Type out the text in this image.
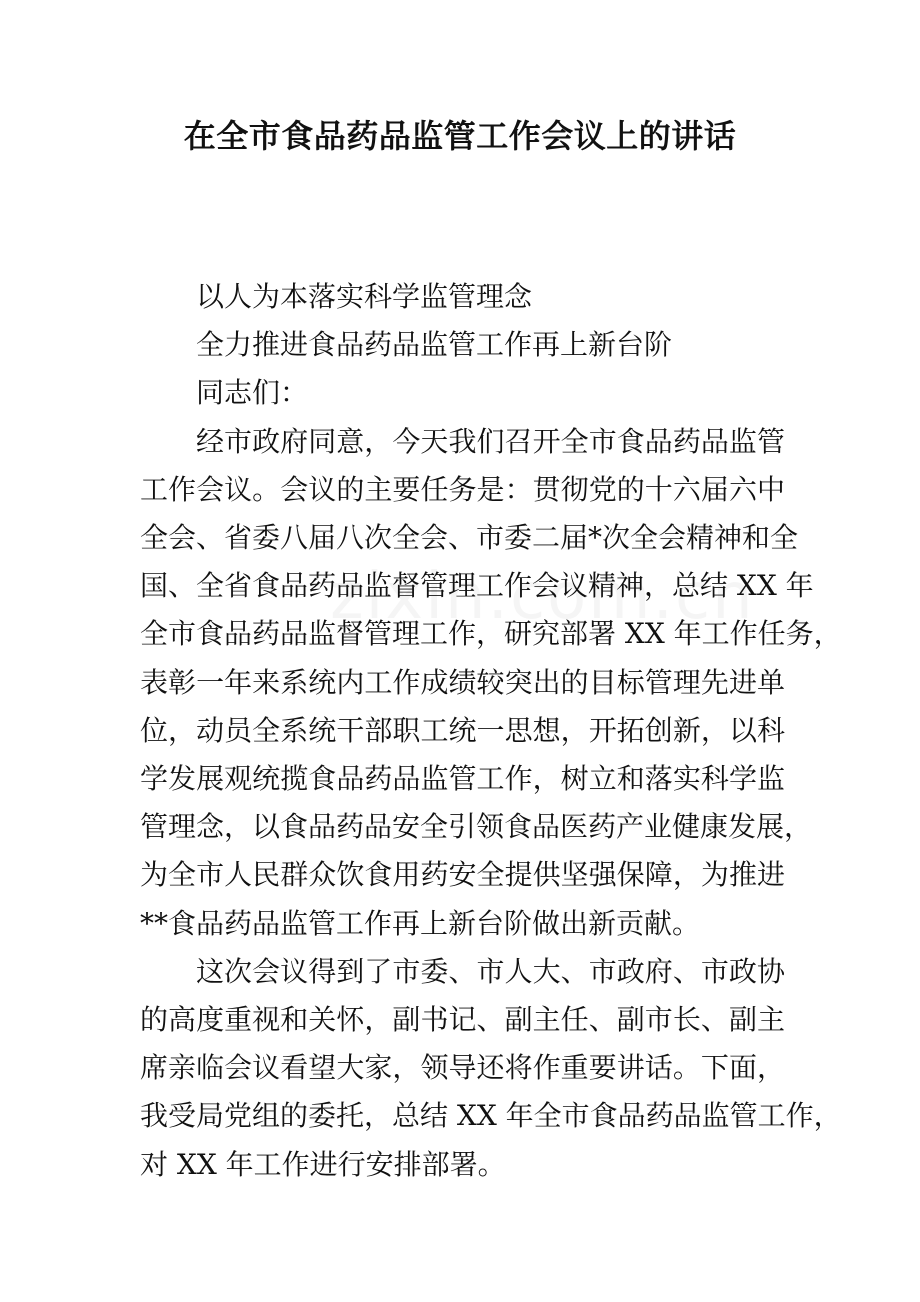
在全市食品药品监管工作会议上的讲话
以人为本落实科学监管理念
全力推进食品药品监管工作再上新台阶
同志们：
经市政府同意，今天我们召开全市食品药品监管
工作会议。会议的主要任务是：贯彻党的十六届六中
全会、省委八届八次全会、市委二届*次全会精神和全
国、全省食品药品监督管理工作会议精神，总结 XX 年
全市食品药品监督管理工作，研究部署 XX 年工作任务，
表彰一年来系统内工作成绩较突出的目标管理先进单
位，动员全系统干部职工统一思想，开拓创新，以科
学发展观统揽食品药品监管工作，树立和落实科学监
管理念，以食品药品安全引领食品医药产业健康发展，
为全市人民群众饮食用药安全提供坚强保障，为推进
**食品药品监管工作再上新台阶做出新贡献。
这次会议得到了市委、市人大、市政府、市政协
的高度重视和关怀，副书记、副主任、副市长、副主
席亲临会议看望大家，领导还将作重要讲话。下面，
我受局党组的委托，总结 XX 年全市食品药品监管工作，
对 XX 年工作进行安排部署。
